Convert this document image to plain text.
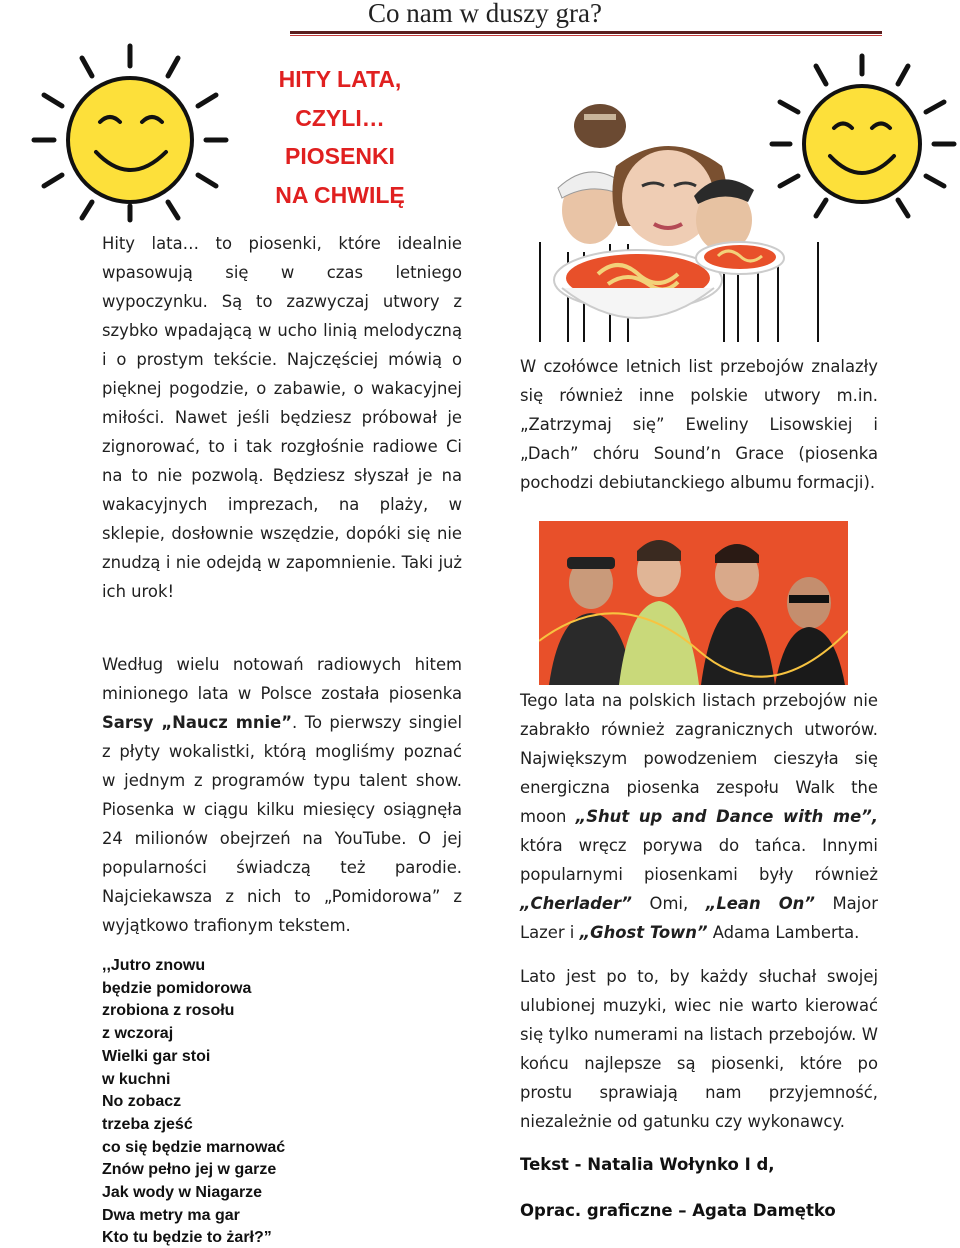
Co nam w duszy gra?
HITY LATA,
CZYLI…
PIOSENKI
NA CHWILĘ
Hity lata… to piosenki, które idealnie wpasowują się w czas letniego wypoczynku. Są to zazwyczaj utwory z szybko wpadającą w ucho linią melodyczną i o prostym tekście. Najczęściej mówią o pięknej pogodzie, o zabawie, o wakacyjnej miłości. Nawet jeśli będziesz próbował je zignorować, to i tak rozgłośnie radiowe Ci na to nie pozwolą. Będziesz słyszał je na wakacyjnych imprezach, na plaży, w sklepie, dosłownie wszędzie, dopóki się nie znudzą i nie odejdą w zapomnienie. Taki już ich urok!
Według wielu notowań radiowych hitem minionego lata w Polsce została piosenka Sarsy „Naucz mnie”. To pierwszy singiel z płyty wokalistki, którą mogliśmy poznać w jednym z programów typu talent show. Piosenka w ciągu kilku miesięcy osiągnęła 24 milionów obejrzeń na YouTube. O jej popularności świadczą też parodie. Najciekawsza z nich to „Pomidorowa” z wyjątkowo trafionym tekstem.
,,Jutro znowu
będzie pomidorowa
zrobiona z rosołu
z wczoraj
Wielki gar stoi
w kuchni
No zobacz
trzeba zjeść
co się będzie marnować
Znów pełno jej w garze
Jak wody w Niagarze
Dwa metry ma gar
Kto tu będzie to żarł?”
W czołówce letnich list przebojów znalazły się również inne polskie utwory m.in. „Zatrzymaj się” Eweliny Lisowskiej i „Dach” chóru Sound’n Grace (piosenka pochodzi debiutanckiego albumu formacji).
Tego lata na polskich listach przebojów nie zabrakło również zagranicznych utworów. Największym powodzeniem cieszyła się energiczna piosenka zespołu Walk the moon „Shut up and Dance with me”, która wręcz porywa do tańca. Innymi popularnymi piosenkami były również „Cherlader” Omi, „Lean On” Major Lazer i „Ghost Town” Adama Lamberta.
Lato jest po to, by każdy słuchał swojej ulubionej muzyki, wiec nie warto kierować się tylko numerami na listach przebojów. W końcu najlepsze są piosenki, które po prostu sprawiają nam przyjemność, niezależnie od gatunku czy wykonawcy.
Tekst - Natalia Wołynko I d,
Oprac. graficzne – Agata Damętko
